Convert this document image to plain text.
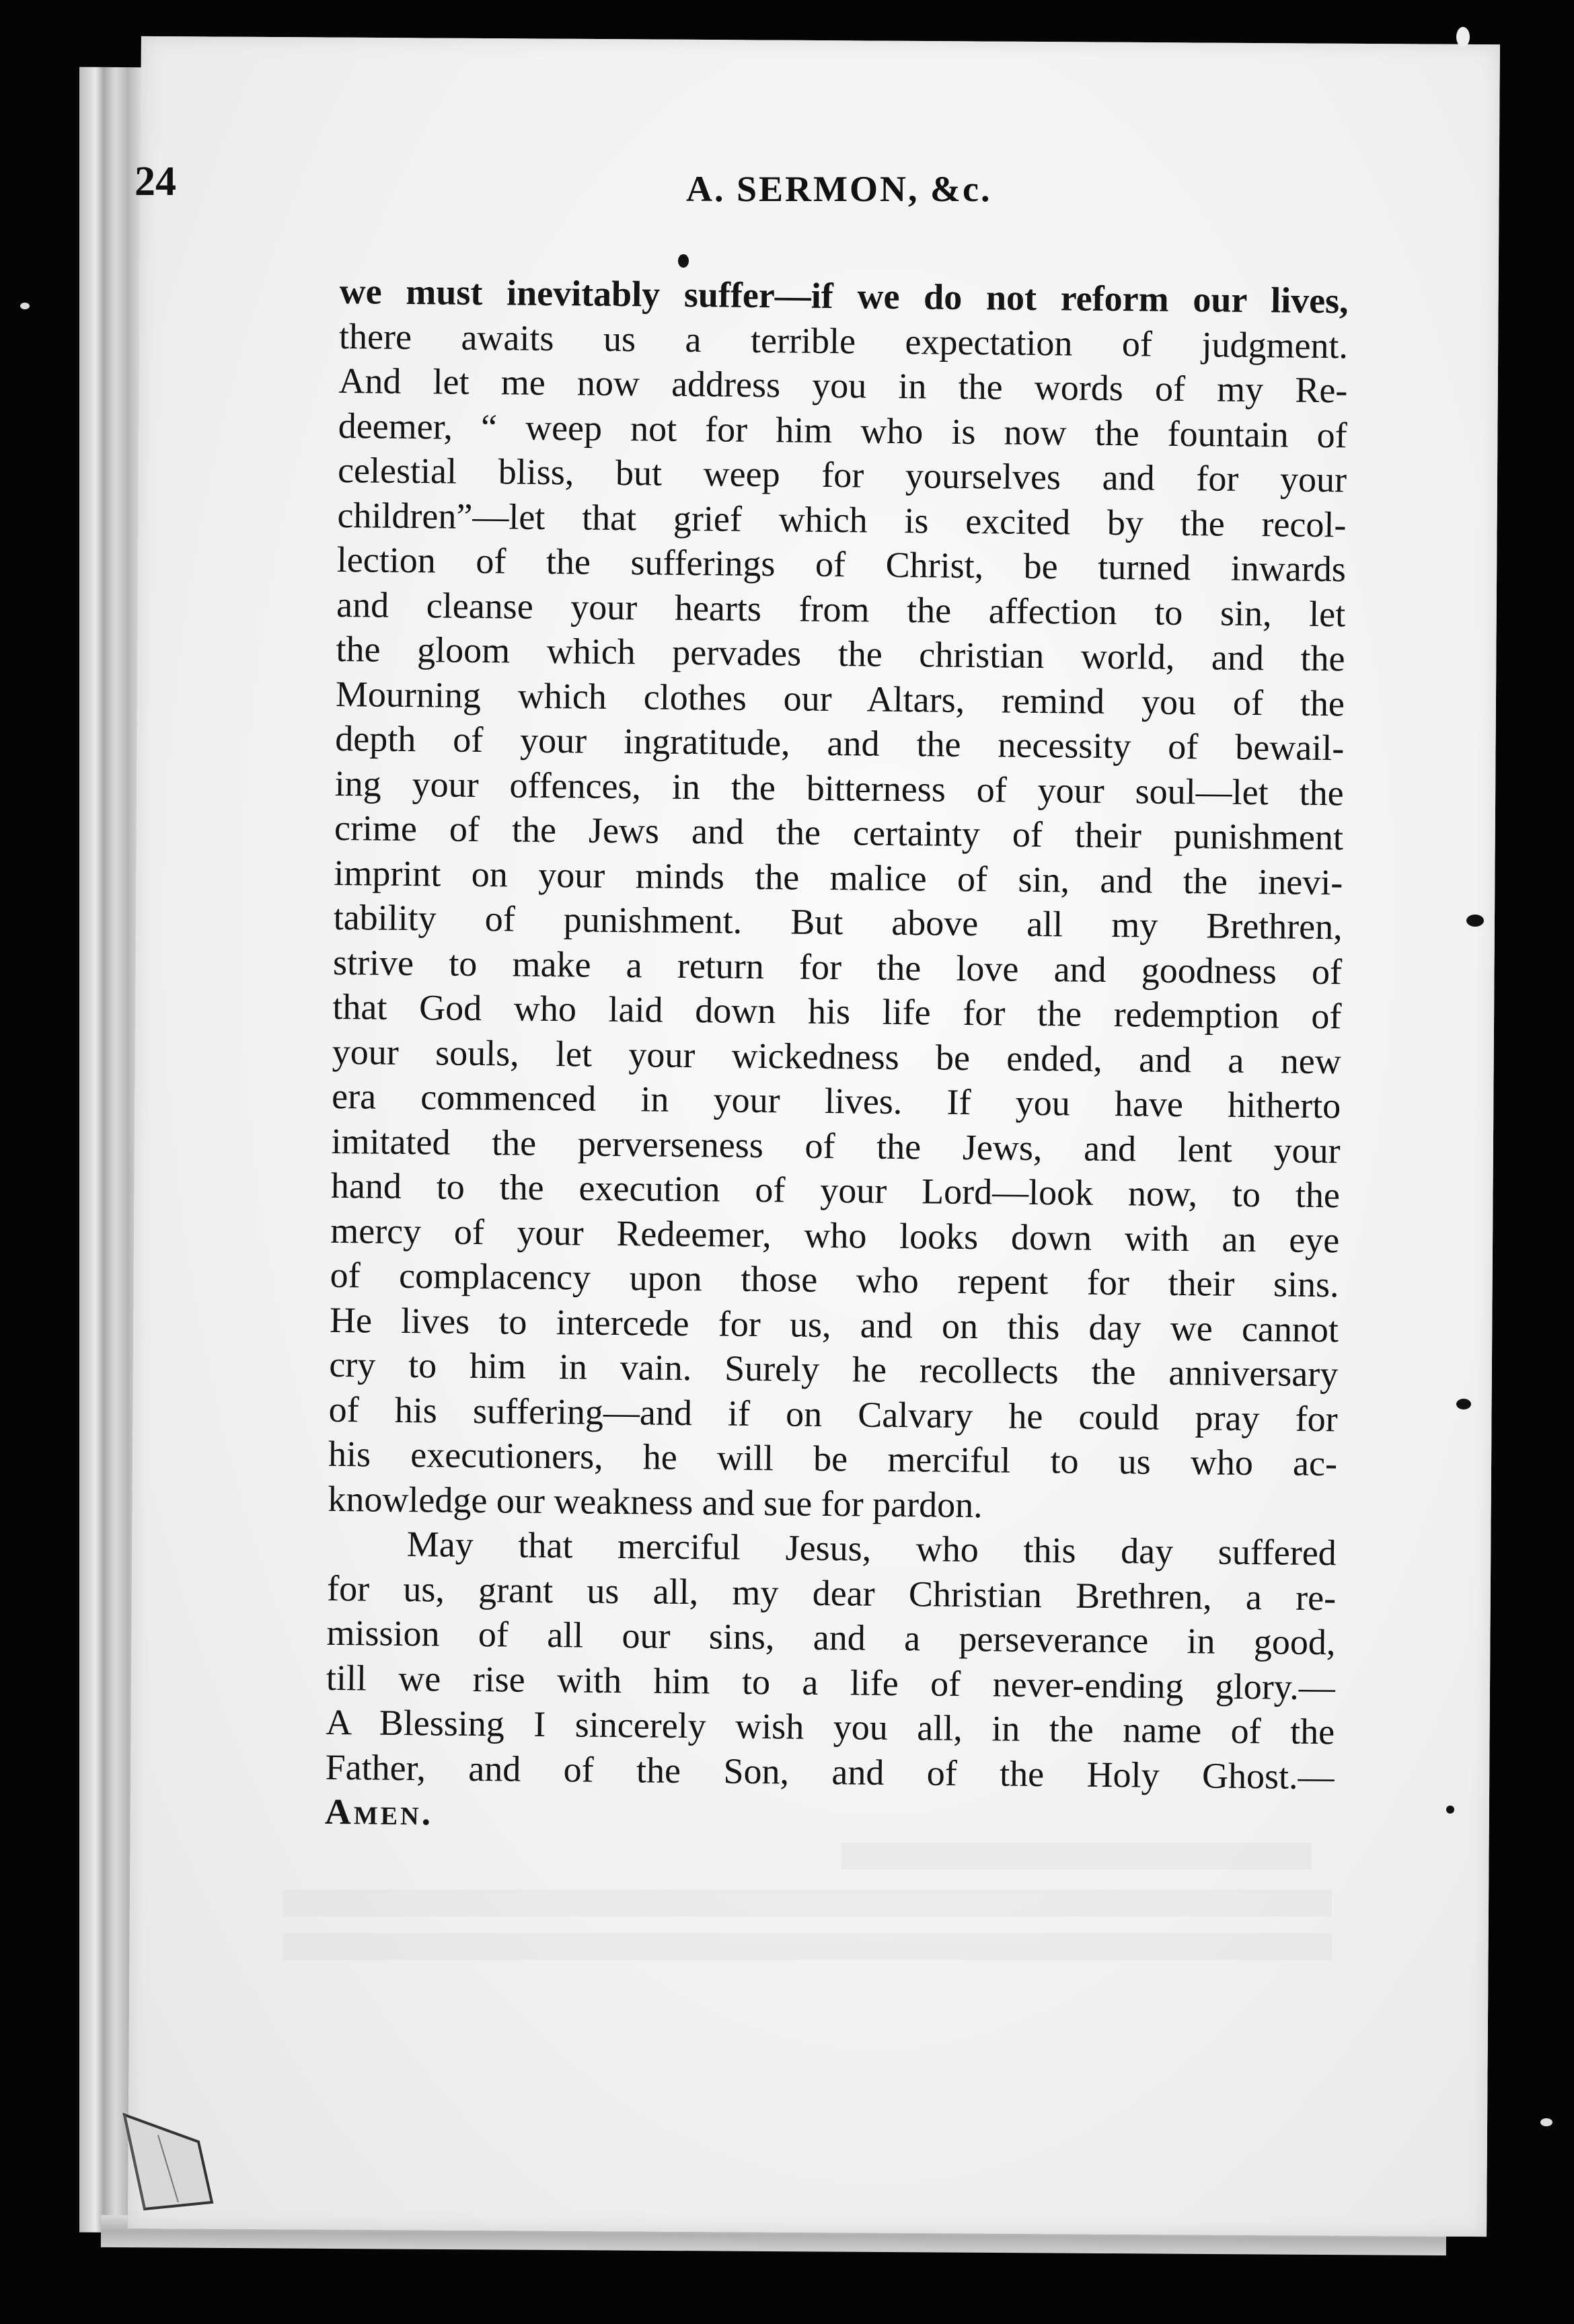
24	A. SERMON, &c.
we must inevitably suffer—if we do not reform our lives,
there awaits us a terrible expectation of judgment.
And let me now address you in the words of my Re-
deemer, “ weep not for him who is now the fountain of
celestial bliss, but weep for yourselves and for your
children”—let that grief which is excited by the recol-
lection of the sufferings of Christ, be turned inwards
and cleanse your hearts from the affection to sin, let
the gloom which pervades the christian world, and the
Mourning which clothes our Altars, remind you of the
depth of your ingratitude, and the necessity of bewail-
ing your offences, in the bitterness of your soul—let the
crime of the Jews and the certainty of their punishment
imprint on your minds the malice of sin, and the inevi-
tability of punishment. But above all my Brethren,
strive to make a return for the love and goodness of
that God who laid down his life for the redemption of
your souls, let your wickedness be ended, and a new
era commenced in your lives. If you have hitherto
imitated the perverseness of the Jews, and lent your
hand to the execution of your Lord—look now, to the
mercy of your Redeemer, who looks down with an eye
of complacency upon those who repent for their sins.
He lives to intercede for us, and on this day we cannot
cry to him in vain. Surely he recollects the anniversary
of his suffering—and if on Calvary he could pray for
his executioners, he will be merciful to us who ac-
knowledge our weakness and sue for pardon.
May that merciful Jesus, who this day suffered
for us, grant us all, my dear Christian Brethren, a re-
mission of all our sins, and a perseverance in good,
till we rise with him to a life of never-ending glory.—
A Blessing I sincerely wish you all, in the name of the
Father, and of the Son, and of the Holy Ghost.—
Amen.
